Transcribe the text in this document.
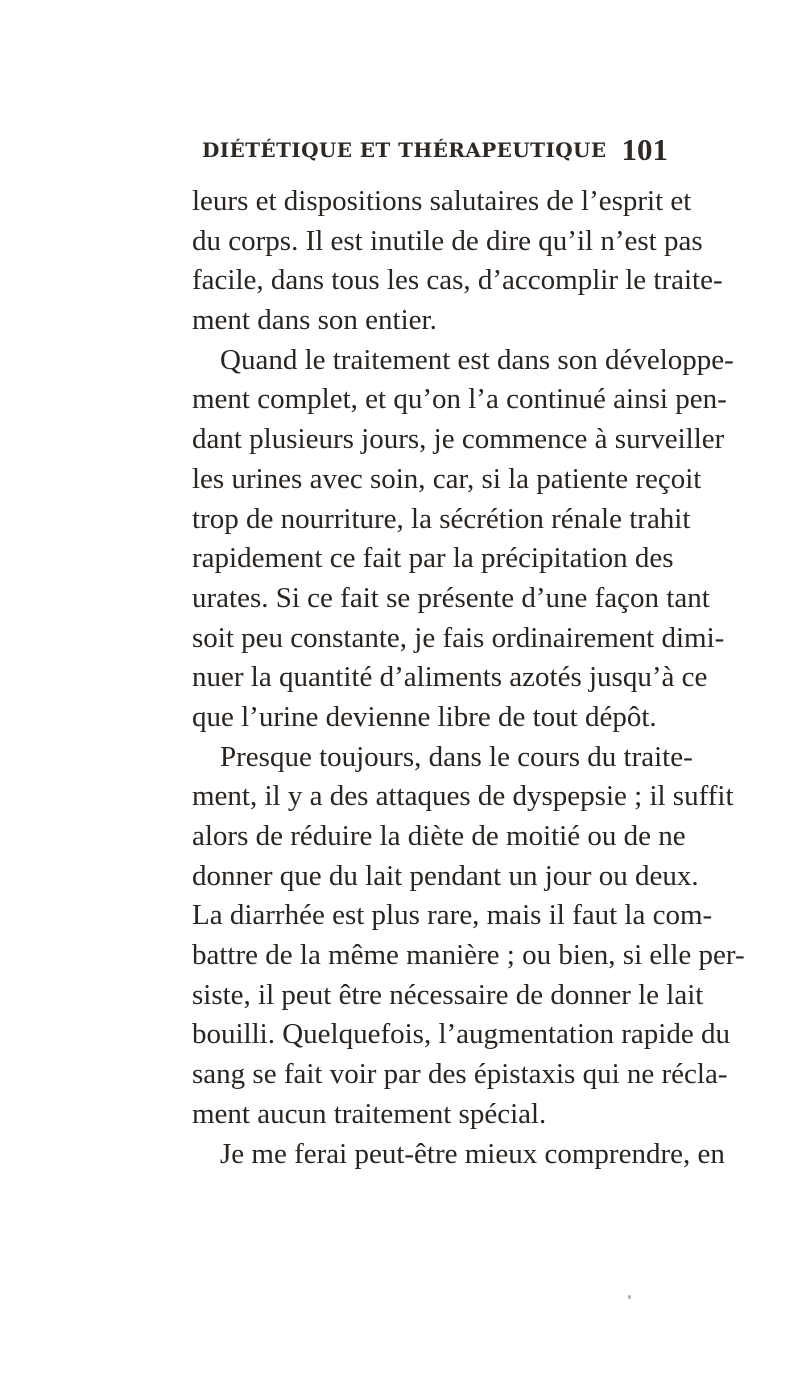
DIÉTÉTIQUE ET THÉRAPEUTIQUE 101
leurs et dispositions salutaires de l’esprit et
du corps. Il est inutile de dire qu’il n’est pas
facile, dans tous les cas, d’accomplir le traite-
ment dans son entier.
Quand le traitement est dans son développe-
ment complet, et qu’on l’a continué ainsi pen-
dant plusieurs jours, je commence à surveiller
les urines avec soin, car, si la patiente reçoit
trop de nourriture, la sécrétion rénale trahit
rapidement ce fait par la précipitation des
urates. Si ce fait se présente d’une façon tant
soit peu constante, je fais ordinairement dimi-
nuer la quantité d’aliments azotés jusqu’à ce
que l’urine devienne libre de tout dépôt.
Presque toujours, dans le cours du traite-
ment, il y a des attaques de dyspepsie ; il suffit
alors de réduire la diète de moitié ou de ne
donner que du lait pendant un jour ou deux.
La diarrhée est plus rare, mais il faut la com-
battre de la même manière ; ou bien, si elle per-
siste, il peut être nécessaire de donner le lait
bouilli. Quelquefois, l’augmentation rapide du
sang se fait voir par des épistaxis qui ne récla-
ment aucun traitement spécial.
Je me ferai peut-être mieux comprendre, en
